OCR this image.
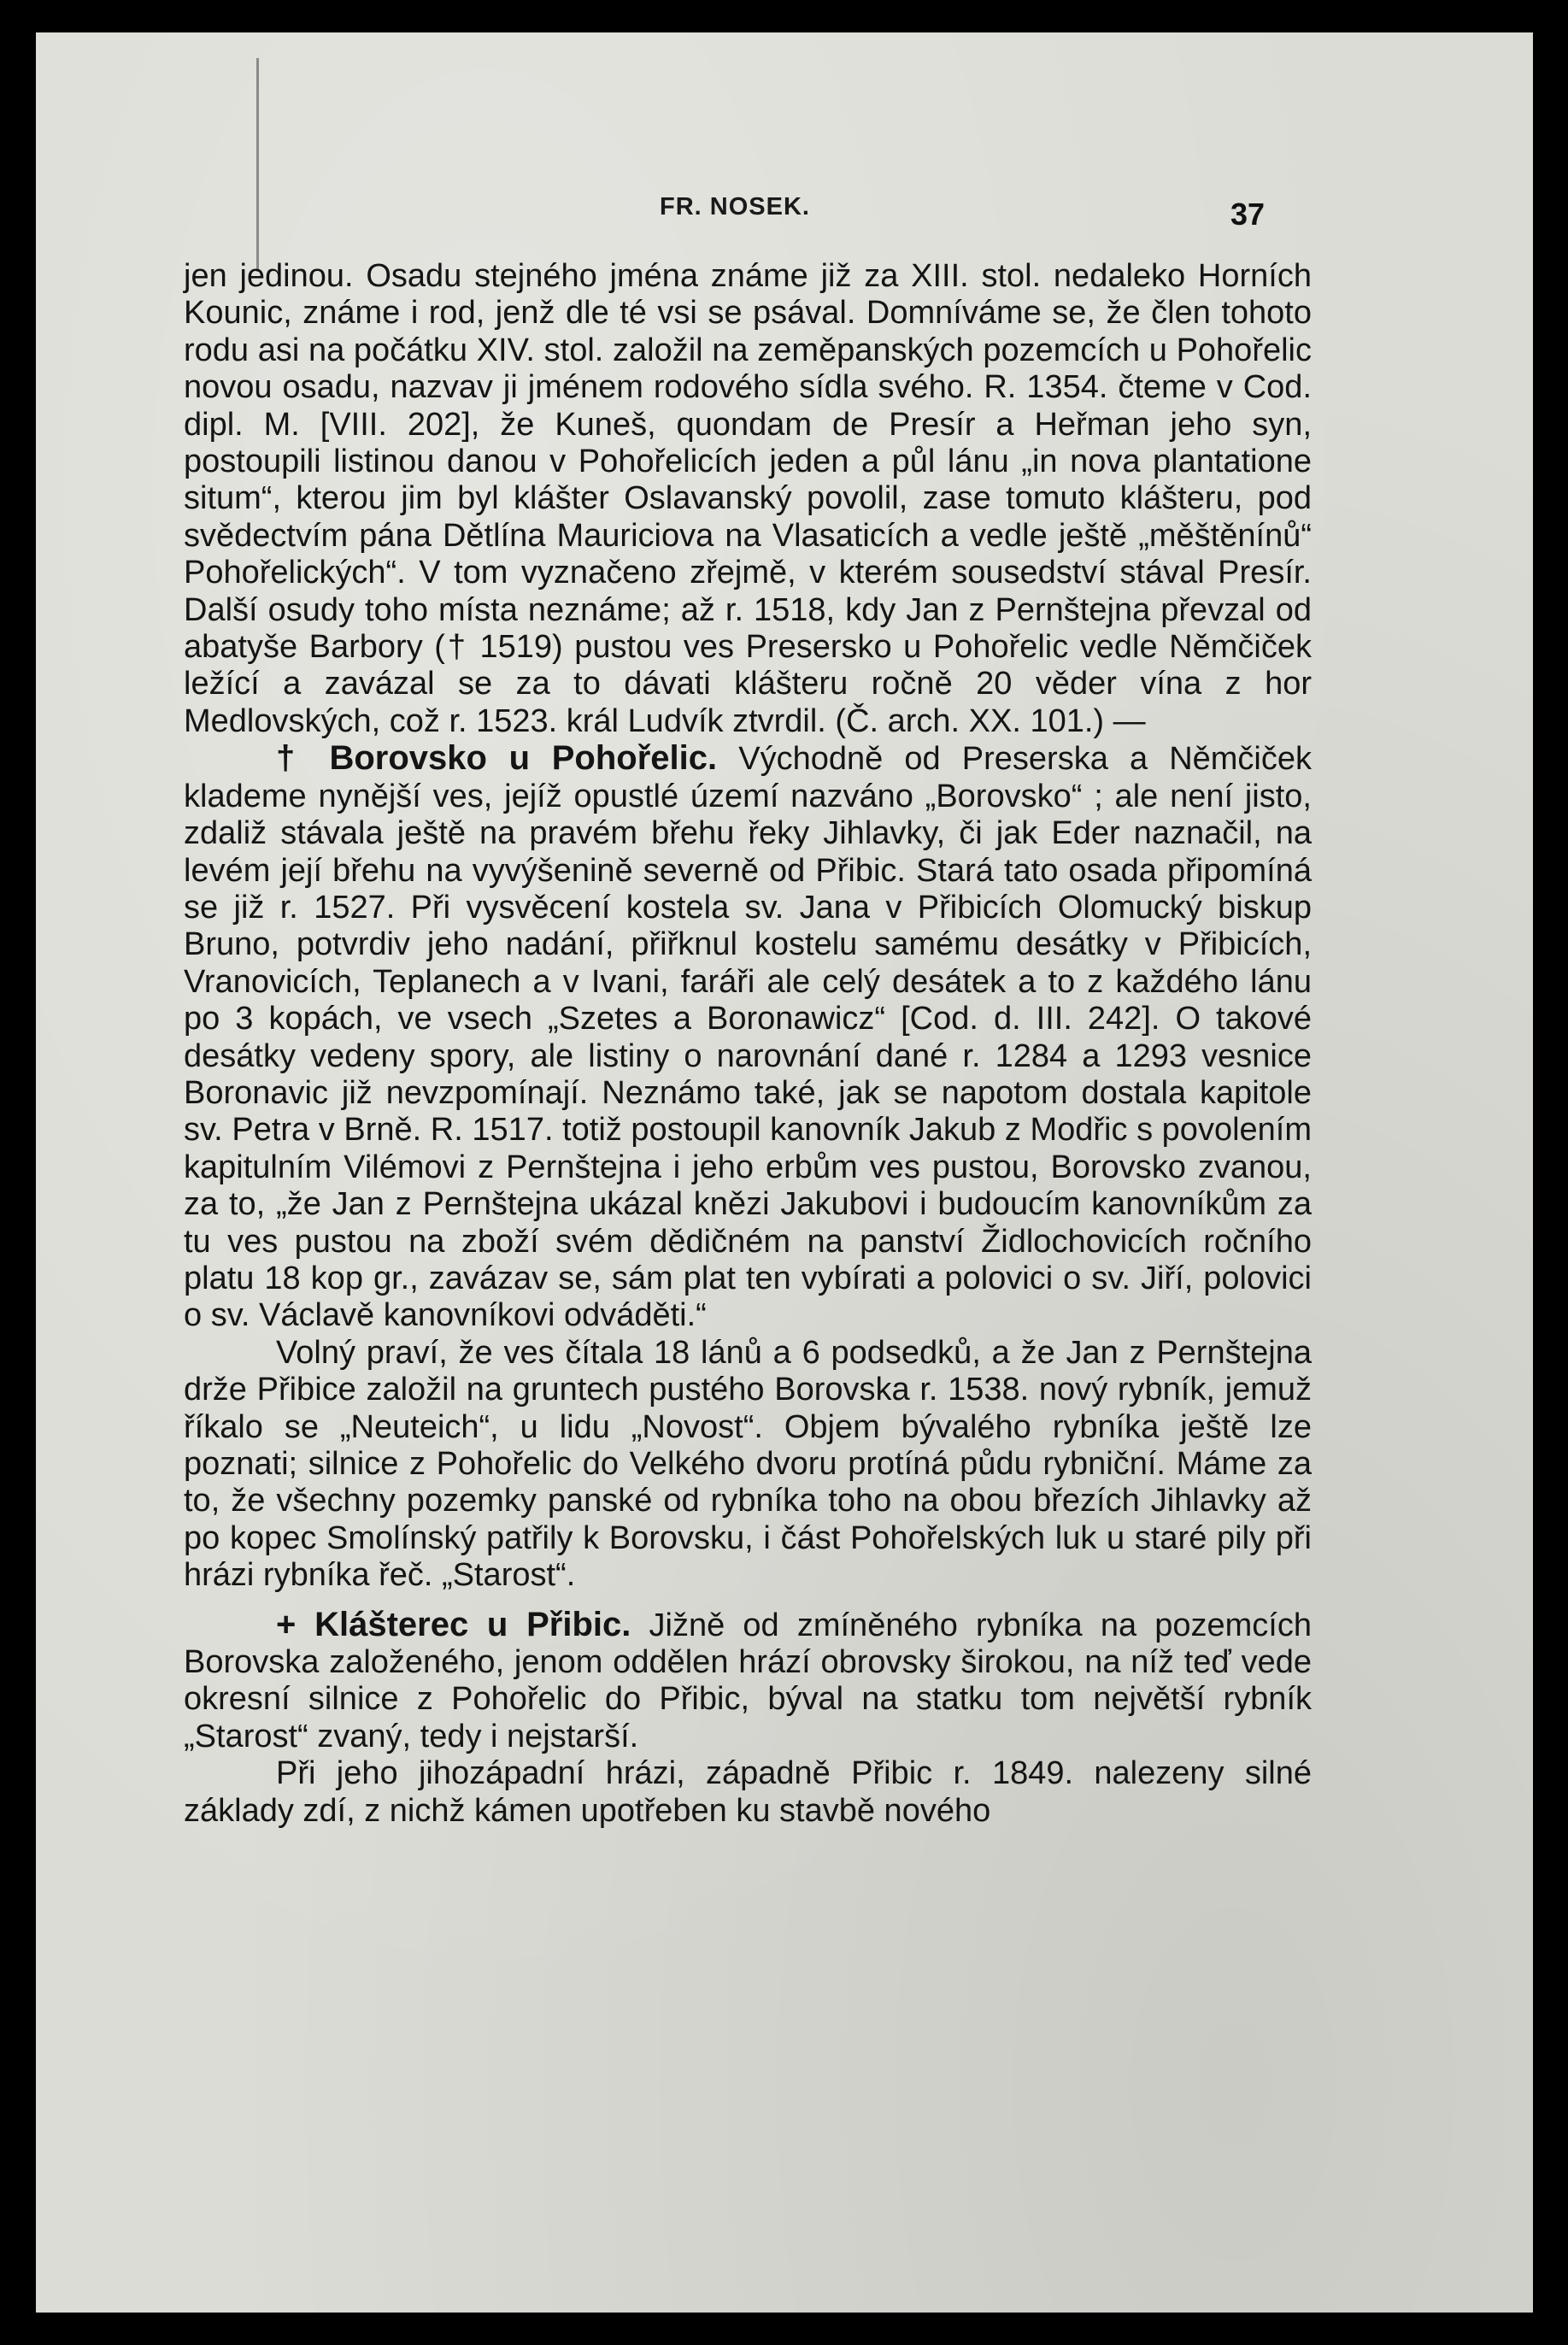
FR. NOSEK.	37

jen jedinou. Osadu stejného jména známe již za XIII. stol. nedaleko Horních Kounic, známe i rod, jenž dle té vsi se psával. Domníváme se, že člen tohoto rodu asi na počátku XIV. stol. založil na zeměpanských pozemcích u Pohořelic novou osadu, nazvav ji jménem rodového sídla svého. R. 1354. čteme v Cod. dipl. M. [VIII. 202], že Kuneš, quondam de Presír a Heřman jeho syn, postoupili listinou danou v Pohořelicích jeden a půl lánu „in nova plantatione situm“, kterou jim byl klášter Oslavanský povolil, zase tomuto klášteru, pod svědectvím pána Dětlína Mauriciova na Vlasaticích a vedle ještě „měštěnínů“ Pohořelických“. V tom vyznačeno zřejmě, v kterém sousedství stával Presír. Další osudy toho místa neznáme; až r. 1518, kdy Jan z Pernštejna převzal od abatyše Barbory († 1519) pustou ves Presersko u Pohořelic vedle Němčiček ležící a zavázal se za to dávati klášteru ročně 20 věder vína z hor Medlovských, což r. 1523. král Ludvík ztvrdil. (Č. arch. XX. 101.) —

† Borovsko u Pohořelic. Východně od Preserska a Němčiček klademe nynější ves, jejíž opustlé území nazváno „Borovsko“ ; ale není jisto, zdaliž stávala ještě na pravém břehu řeky Jihlavky, či jak Eder naznačil, na levém její břehu na vyvýšenině severně od Přibic. Stará tato osada připomíná se již r. 1527. Při vysvěcení kostela sv. Jana v Přibicích Olomucký biskup Bruno, potvrdiv jeho nadání, přiřknul kostelu samému desátky v Přibicích, Vranovicích, Teplanech a v Ivani, faráři ale celý desátek a to z každého lánu po 3 kopách, ve vsech „Szetes a Boronawicz“ [Cod. d. III. 242]. O takové desátky vedeny spory, ale listiny o narovnání dané r. 1284 a 1293 vesnice Boronavic již nevzpomínají. Neznámo také, jak se napotom dostala kapitole sv. Petra v Brně. R. 1517. totiž postoupil kanovník Jakub z Modřic s povolením kapitulním Vilémovi z Pernštejna i jeho erbům ves pustou, Borovsko zvanou, za to, „že Jan z Pernštejna ukázal knězi Jakubovi i budoucím kanovníkům za tu ves pustou na zboží svém dědičném na panství Židlochovicích ročního platu 18 kop gr., zavázav se, sám plat ten vybírati a polovici o sv. Jiří, polovici o sv. Václavě kanovníkovi odváděti.“

Volný praví, že ves čítala 18 lánů a 6 podsedků, a že Jan z Pernštejna drže Přibice založil na gruntech pustého Borovska r. 1538. nový rybník, jemuž říkalo se „Neuteich“, u lidu „Novost“. Objem bývalého rybníka ještě lze poznati; silnice z Pohořelic do Velkého dvoru protíná půdu rybniční. Máme za to, že všechny pozemky panské od rybníka toho na obou březích Jihlavky až po kopec Smolínský patřily k Borovsku, i část Pohořelských luk u staré pily při hrázi rybníka řeč. „Starost“.

+ Klášterec u Přibic. Jižně od zmíněného rybníka na pozemcích Borovska založeného, jenom oddělen hrází obrovsky širokou, na níž teď vede okresní silnice z Pohořelic do Přibic, býval na statku tom největší rybník „Starost“ zvaný, tedy i nejstarší.

Při jeho jihozápadní hrázi, západně Přibic r. 1849. nalezeny silné základy zdí, z nichž kámen upotřeben ku stavbě nového
